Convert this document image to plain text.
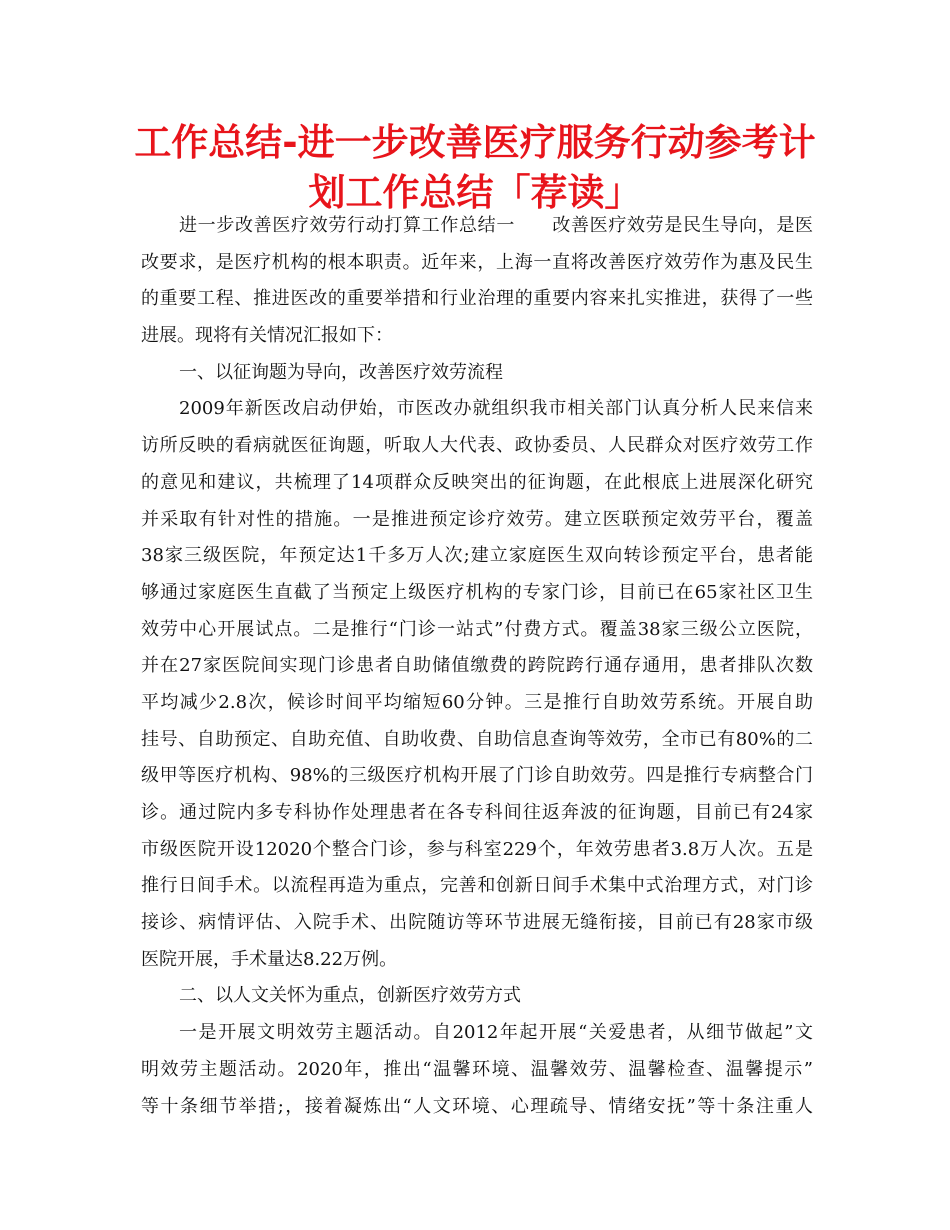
工作总结-进一步改善医疗服务行动参考计
划工作总结「荐读」
进一步改善医疗效劳行动打算工作总结一　　改善医疗效劳是民生导向，是医
改要求，是医疗机构的根本职责。近年来，上海一直将改善医疗效劳作为惠及民生
的重要工程、推进医改的重要举措和行业治理的重要内容来扎实推进，获得了一些
进展。现将有关情况汇报如下：
一、以征询题为导向，改善医疗效劳流程
2009年新医改启动伊始，市医改办就组织我市相关部门认真分析人民来信来
访所反映的看病就医征询题，听取人大代表、政协委员、人民群众对医疗效劳工作
的意见和建议，共梳理了14项群众反映突出的征询题，在此根底上进展深化研究
并采取有针对性的措施。一是推进预定诊疗效劳。建立医联预定效劳平台，覆盖
38家三级医院，年预定达1千多万人次;建立家庭医生双向转诊预定平台，患者能
够通过家庭医生直截了当预定上级医疗机构的专家门诊，目前已在65家社区卫生
效劳中心开展试点。二是推行“门诊一站式”付费方式。覆盖38家三级公立医院，
并在27家医院间实现门诊患者自助储值缴费的跨院跨行通存通用，患者排队次数
平均减少2.8次，候诊时间平均缩短60分钟。三是推行自助效劳系统。开展自助
挂号、自助预定、自助充值、自助收费、自助信息查询等效劳，全市已有80%的二
级甲等医疗机构、98%的三级医疗机构开展了门诊自助效劳。四是推行专病整合门
诊。通过院内多专科协作处理患者在各专科间往返奔波的征询题，目前已有24家
市级医院开设12020个整合门诊，参与科室229个，年效劳患者3.8万人次。五是
推行日间手术。以流程再造为重点，完善和创新日间手术集中式治理方式，对门诊
接诊、病情评估、入院手术、出院随访等环节进展无缝衔接，目前已有28家市级
医院开展，手术量达8.22万例。
二、以人文关怀为重点，创新医疗效劳方式
一是开展文明效劳主题活动。自2012年起开展“关爱患者，从细节做起”文
明效劳主题活动。2020年，推出“温馨环境、温馨效劳、温馨检查、温馨提示”
等十条细节举措;，接着凝炼出“人文环境、心理疏导、情绪安抚”等十条注重人
